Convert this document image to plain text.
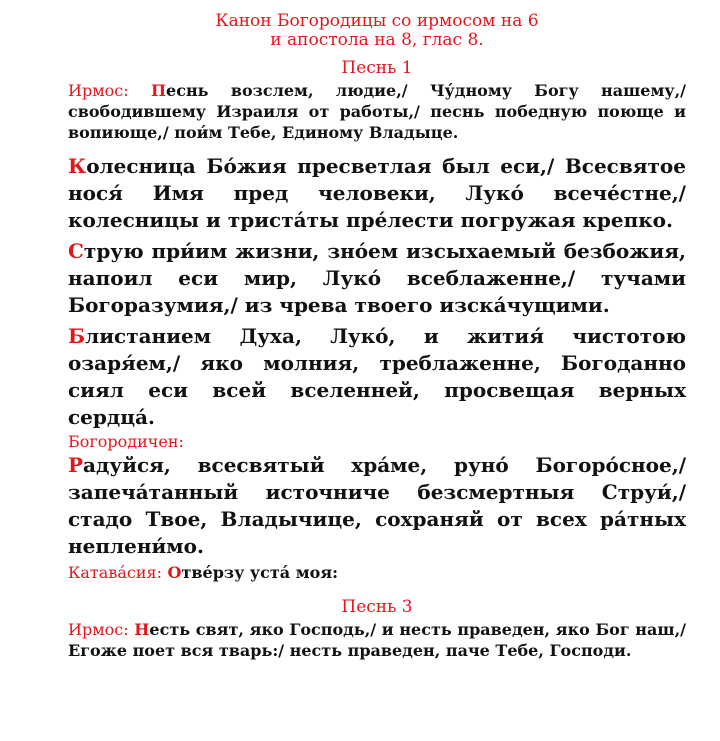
Канон Богородицы со ирмосом на 6

и апостола на 8, глас 8.

Песнь 1

Ирмос: Песнь возслем, людие,/ Чу́дному Богу нашему,/ свободившему Израиля от работы,/ песнь победную поюще и вопиюще,/ пои́м Тебе, Единому Владыце.

Колесница Бо́жия пресветлая был еси,/ Всесвятое нося́ Имя пред человеки, Луко́ всече́стне,/ колесницы и триста́ты пре́лести погружая крепко.

Струю при́им жизни, зно́ем изсыхаемый безбожия, напоил еси мир, Луко́ всеблаженне,/ тучами Богоразумия,/ из чрева твоего изска́чущими.

Блистанием Духа, Луко́, и жития́ чистотою озаря́ем,/ яко молния, треблаженне, Богоданно сиял еси всей вселенней, просвещая верных сердца́.

Богородичен:

Радуйся, всесвятый хра́ме, руно́ Богоро́сное,/ запеча́танный источниче безсмертныя Струи́,/ стадо Твое, Владычице, сохраняй от всех ра́тных неплени́мо.

Катава́сия: Отве́рзу уста́ моя:

Песнь 3

Ирмос: Несть свят, яко Господь,/ и несть праведен, яко Бог наш,/ Егоже поет вся тварь:/ несть праведен, паче Тебе, Господи.
